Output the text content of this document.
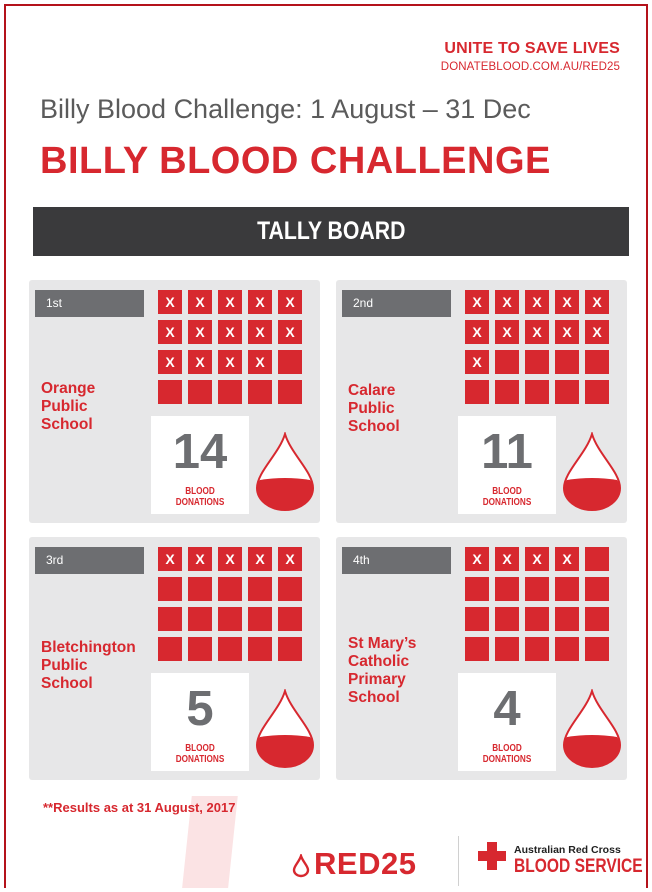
UNITE TO SAVE LIVES
DONATEBLOOD.COM.AU/RED25
Billy Blood Challenge: 1 August – 31 Dec
BILLY BLOOD CHALLENGE
TALLY BOARD
1st	X	X	X	X	X
X	X	X	X	X
X	X	X	X
Orange
Public
School
14
BLOOD DONATIONS
2nd	X	X	X	X	X
X	X	X	X	X
X
Calare
Public
School	11
BLOOD DONATIONS
3rd	X	X	X	X	X
Bletchington
Public
School	5
BLOOD DONATIONS
4th	X	X	X	X
St Mary’s
Catholic
Primary
School	4
BLOOD DONATIONS
**Results as at 31 August, 2017
RED25	Australian Red Cross
BLOOD SERVICE
